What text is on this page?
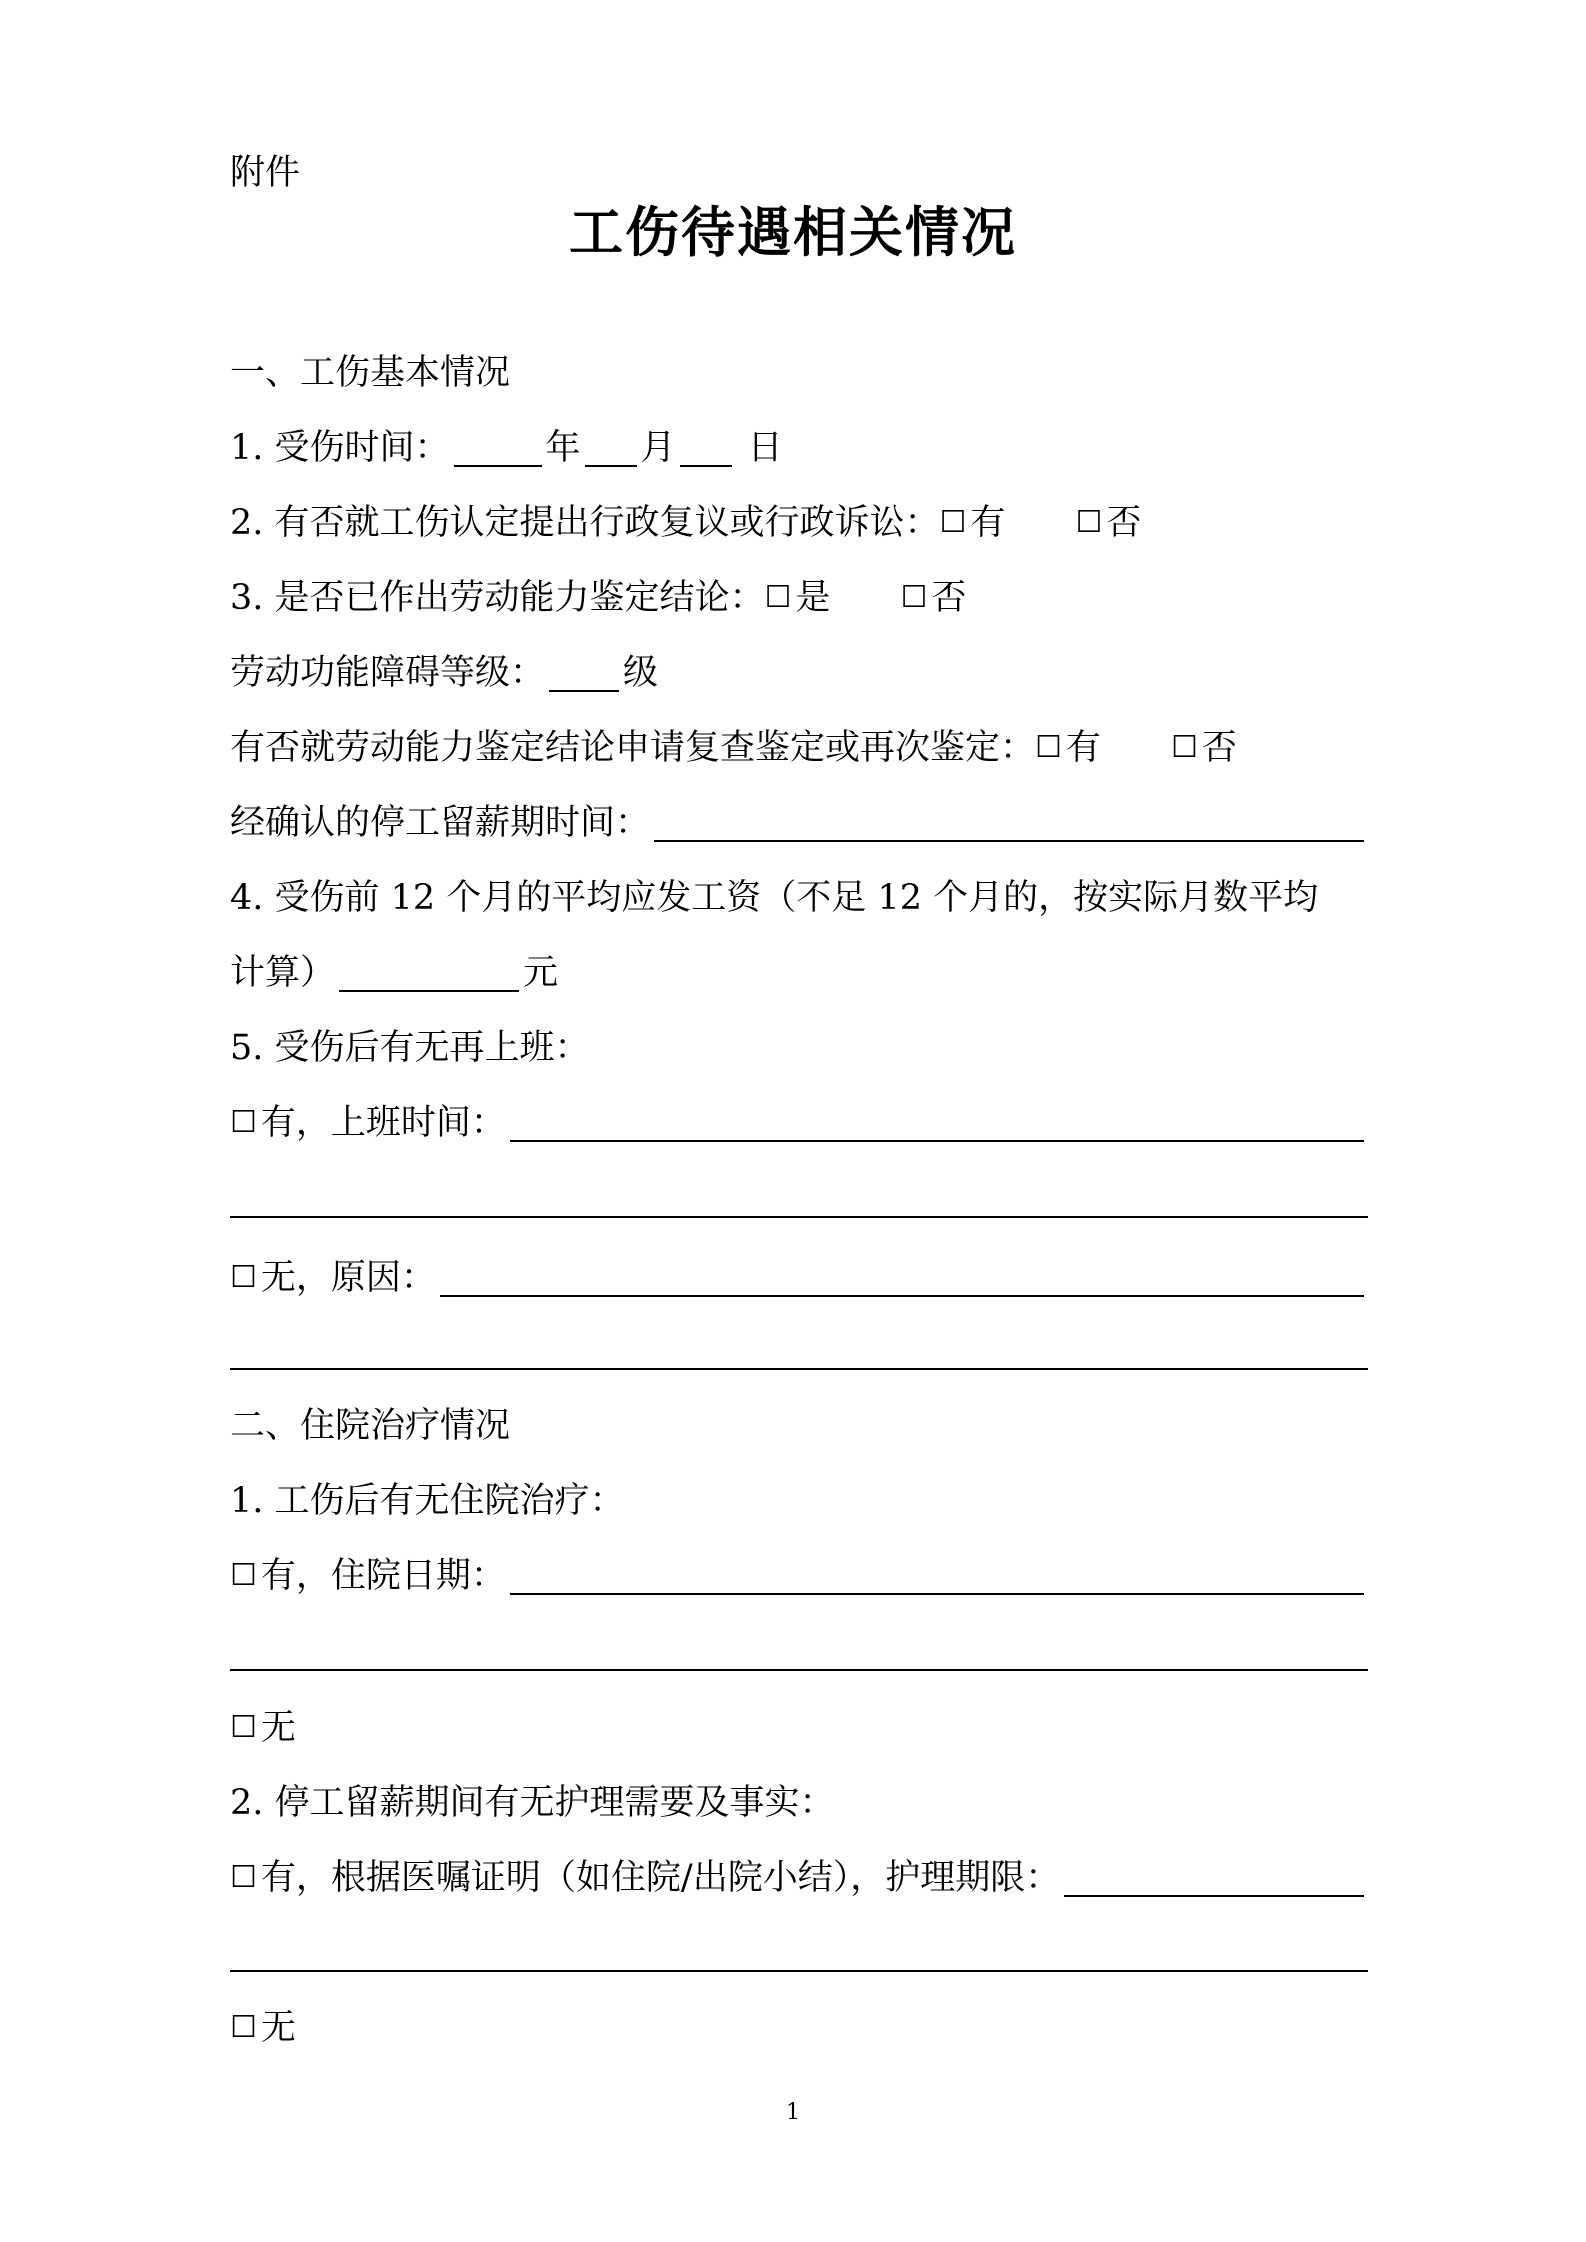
附件
工伤待遇相关情况
一、工伤基本情况
1. 受伤时间：	年 月 日
2. 有否就工伤认定提出行政复议或行政诉讼： ☐ 有 ☐ 否
3. 是否已作出劳动能力鉴定结论： ☐ 是 ☐ 否
劳动功能障碍等级： 级
有否就劳动能力鉴定结论申请复查鉴定或再次鉴定： ☐ 有 ☐ 否
经确认的停工留薪期时间：
4. 受伤前 12 个月的平均应发工资（不足 12 个月的，按实际月数平均
计算）	元
5. 受伤后有无再上班：
☐ 有，上班时间：
☐ 无，原因：
二、住院治疗情况
1. 工伤后有无住院治疗：
☐ 有，住院日期：
☐ 无
2. 停工留薪期间有无护理需要及事实：
☐ 有，根据医嘱证明（如住院/出院小结），护理期限：
☐ 无
1
